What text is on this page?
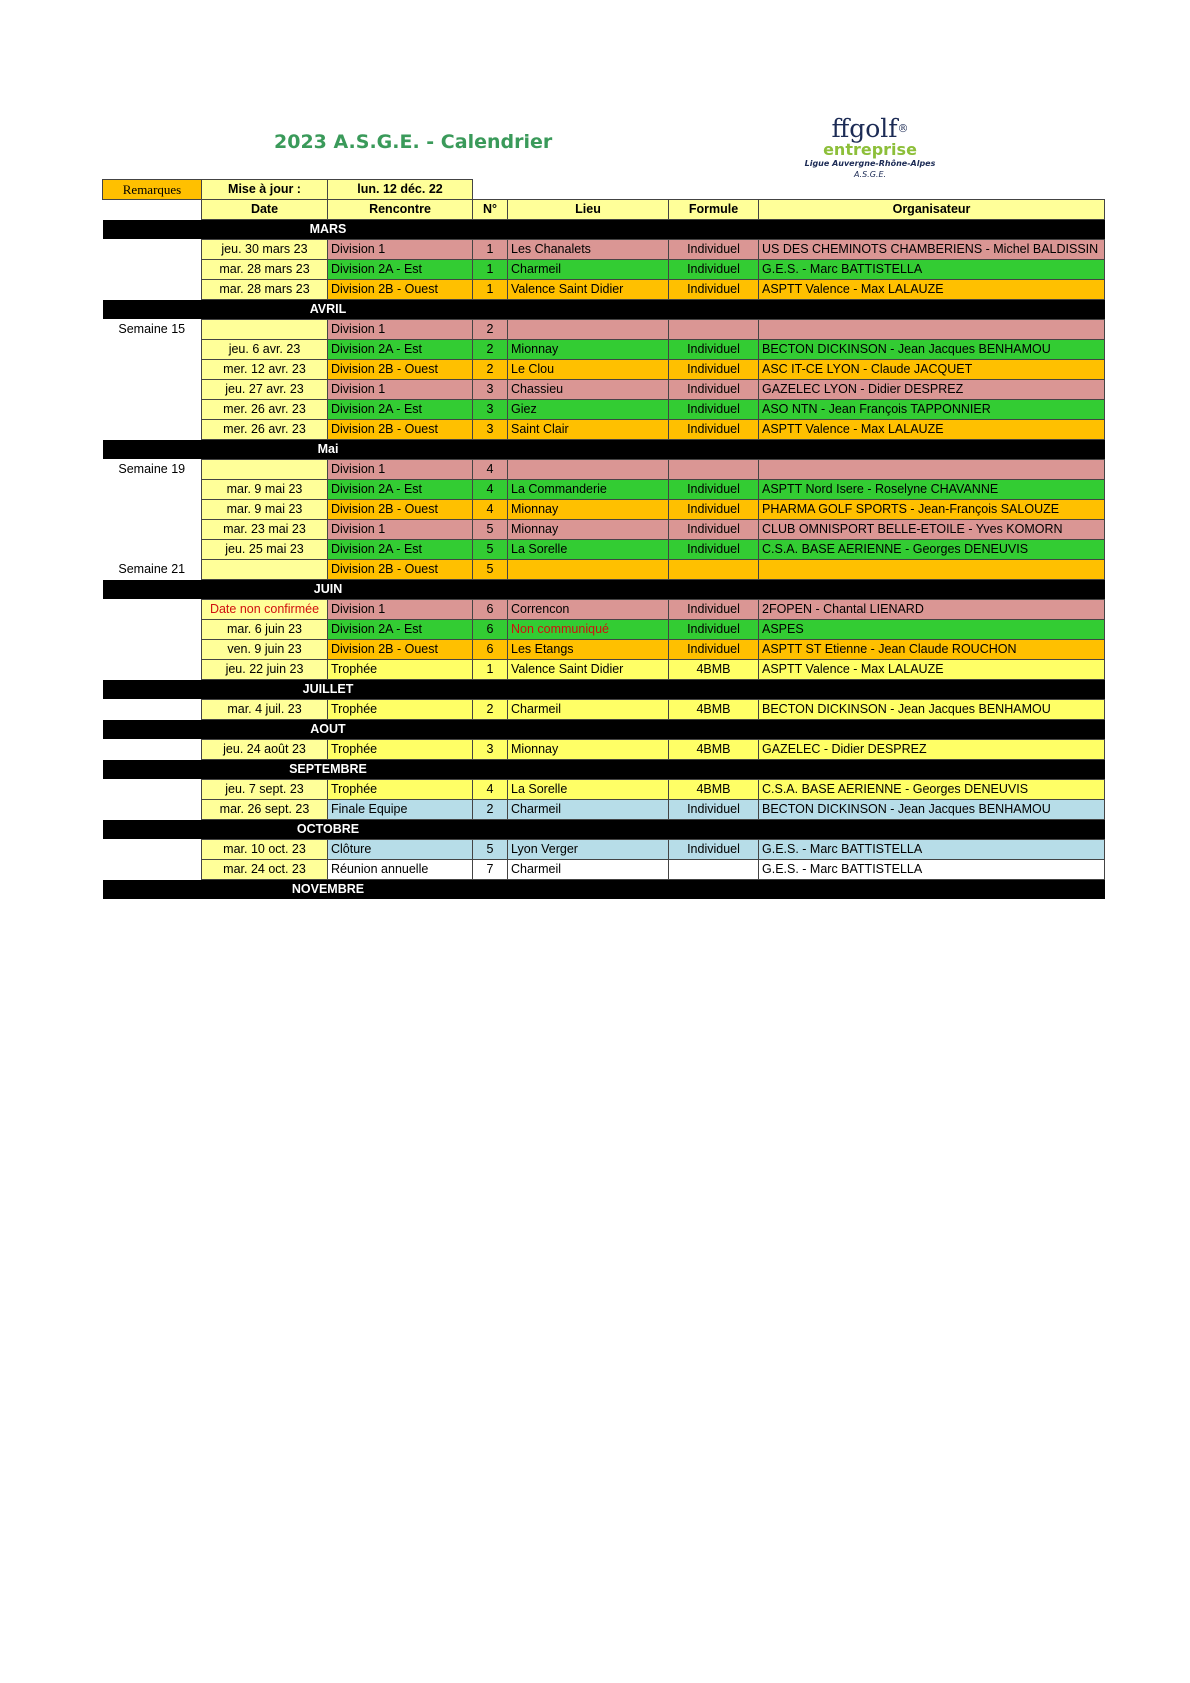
2023 A.S.G.E. - Calendrier	ffgolf®
entreprise
Ligue Auvergne-Rhône-Alpes
A.S.G.E.
Remarques	Mise à jour :	lun. 12 déc. 22				
	Date	Rencontre	N°	Lieu	Formule	Organisateur
MARS						
	jeu. 30 mars 23	Division 1	1	Les Chanalets	Individuel	US DES CHEMINOTS CHAMBERIENS - Michel BALDISSIN
	mar. 28 mars 23	Division 2A - Est	1	Charmeil	Individuel	G.E.S. - Marc BATTISTELLA
	mar. 28 mars 23	Division 2B - Ouest	1	Valence Saint Didier	Individuel	ASPTT Valence - Max LALAUZE
AVRIL						
Semaine 15		Division 1	2			
	jeu. 6 avr. 23	Division 2A - Est	2	Mionnay	Individuel	BECTON DICKINSON - Jean Jacques BENHAMOU
	mer. 12 avr. 23	Division 2B - Ouest	2	Le Clou	Individuel	ASC IT-CE LYON - Claude JACQUET
	jeu. 27 avr. 23	Division 1	3	Chassieu	Individuel	GAZELEC LYON - Didier DESPREZ
	mer. 26 avr. 23	Division 2A - Est	3	Giez	Individuel	ASO NTN - Jean François TAPPONNIER
	mer. 26 avr. 23	Division 2B - Ouest	3	Saint Clair	Individuel	ASPTT Valence - Max LALAUZE
Mai						
Semaine 19		Division 1	4			
	mar. 9 mai 23	Division 2A - Est	4	La Commanderie	Individuel	ASPTT Nord Isere - Roselyne CHAVANNE
	mar. 9 mai 23	Division 2B - Ouest	4	Mionnay	Individuel	PHARMA GOLF SPORTS - Jean-François SALOUZE
	mar. 23 mai 23	Division 1	5	Mionnay	Individuel	CLUB OMNISPORT BELLE-ETOILE - Yves KOMORN
	jeu. 25 mai 23	Division 2A - Est	5	La Sorelle	Individuel	C.S.A. BASE AERIENNE - Georges DENEUVIS
Semaine 21		Division 2B - Ouest	5			
JUIN						
	Date non confirmée	Division 1	6	Correncon	Individuel	2FOPEN - Chantal LIENARD
	mar. 6 juin 23	Division 2A - Est	6	Non communiqué	Individuel	ASPES
	ven. 9 juin 23	Division 2B - Ouest	6	Les Etangs	Individuel	ASPTT ST Etienne - Jean Claude ROUCHON
	jeu. 22 juin 23	Trophée	1	Valence Saint Didier	4BMB	ASPTT Valence - Max LALAUZE
JUILLET						
	mar. 4 juil. 23	Trophée	2	Charmeil	4BMB	BECTON DICKINSON - Jean Jacques BENHAMOU
AOUT						
	jeu. 24 août 23	Trophée	3	Mionnay	4BMB	GAZELEC - Didier DESPREZ
SEPTEMBRE						
	jeu. 7 sept. 23	Trophée	4	La Sorelle	4BMB	C.S.A. BASE AERIENNE - Georges DENEUVIS
	mar. 26 sept. 23	Finale Equipe	2	Charmeil	Individuel	BECTON DICKINSON - Jean Jacques BENHAMOU
OCTOBRE						
	mar. 10 oct. 23	Clôture	5	Lyon Verger	Individuel	G.E.S. - Marc BATTISTELLA
	mar. 24 oct. 23	Réunion annuelle	7	Charmeil		G.E.S. - Marc BATTISTELLA
NOVEMBRE						
